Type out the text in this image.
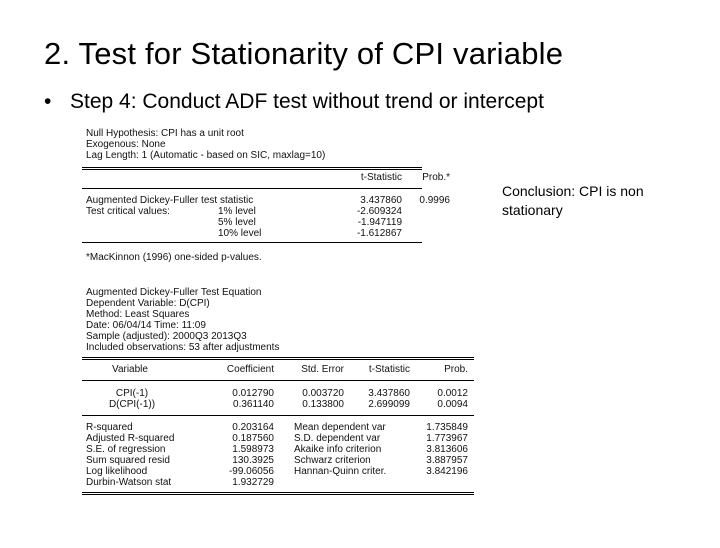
2. Test for Stationarity of CPI variable
• Step 4: Conduct ADF test without trend or intercept
Conclusion: CPI is non stationary
Null Hypothesis: CPI has a unit root
Exogenous: None
Lag Length: 1 (Automatic - based on SIC, maxlag=10)
t-Statistic	Prob.*
Augmented Dickey-Fuller test statistic	3.437860	0.9996
Test critical values:	1% level	-2.609324
5% level	-1.947119
10% level	-1.612867
*MacKinnon (1996) one-sided p-values.
Augmented Dickey-Fuller Test Equation
Dependent Variable: D(CPI)
Method: Least Squares
Date: 06/04/14 Time: 11:09
Sample (adjusted): 2000Q3 2013Q3
Included observations: 53 after adjustments
Variable	Coefficient	Std. Error	t-Statistic	Prob.
CPI(-1)	0.012790	0.003720	3.437860	0.0012
D(CPI(-1))	0.361140	0.133800	2.699099	0.0094
R-squared	0.203164 Mean dependent var	1.735849
Adjusted R-squared	0.187560 S.D. dependent var	1.773967
S.E. of regression	1.598973 Akaike info criterion	3.813606
Sum squared resid	130.3925 Schwarz criterion	3.887957
Log likelihood	-99.06056 Hannan-Quinn criter.	3.842196
Durbin-Watson stat	1.932729
